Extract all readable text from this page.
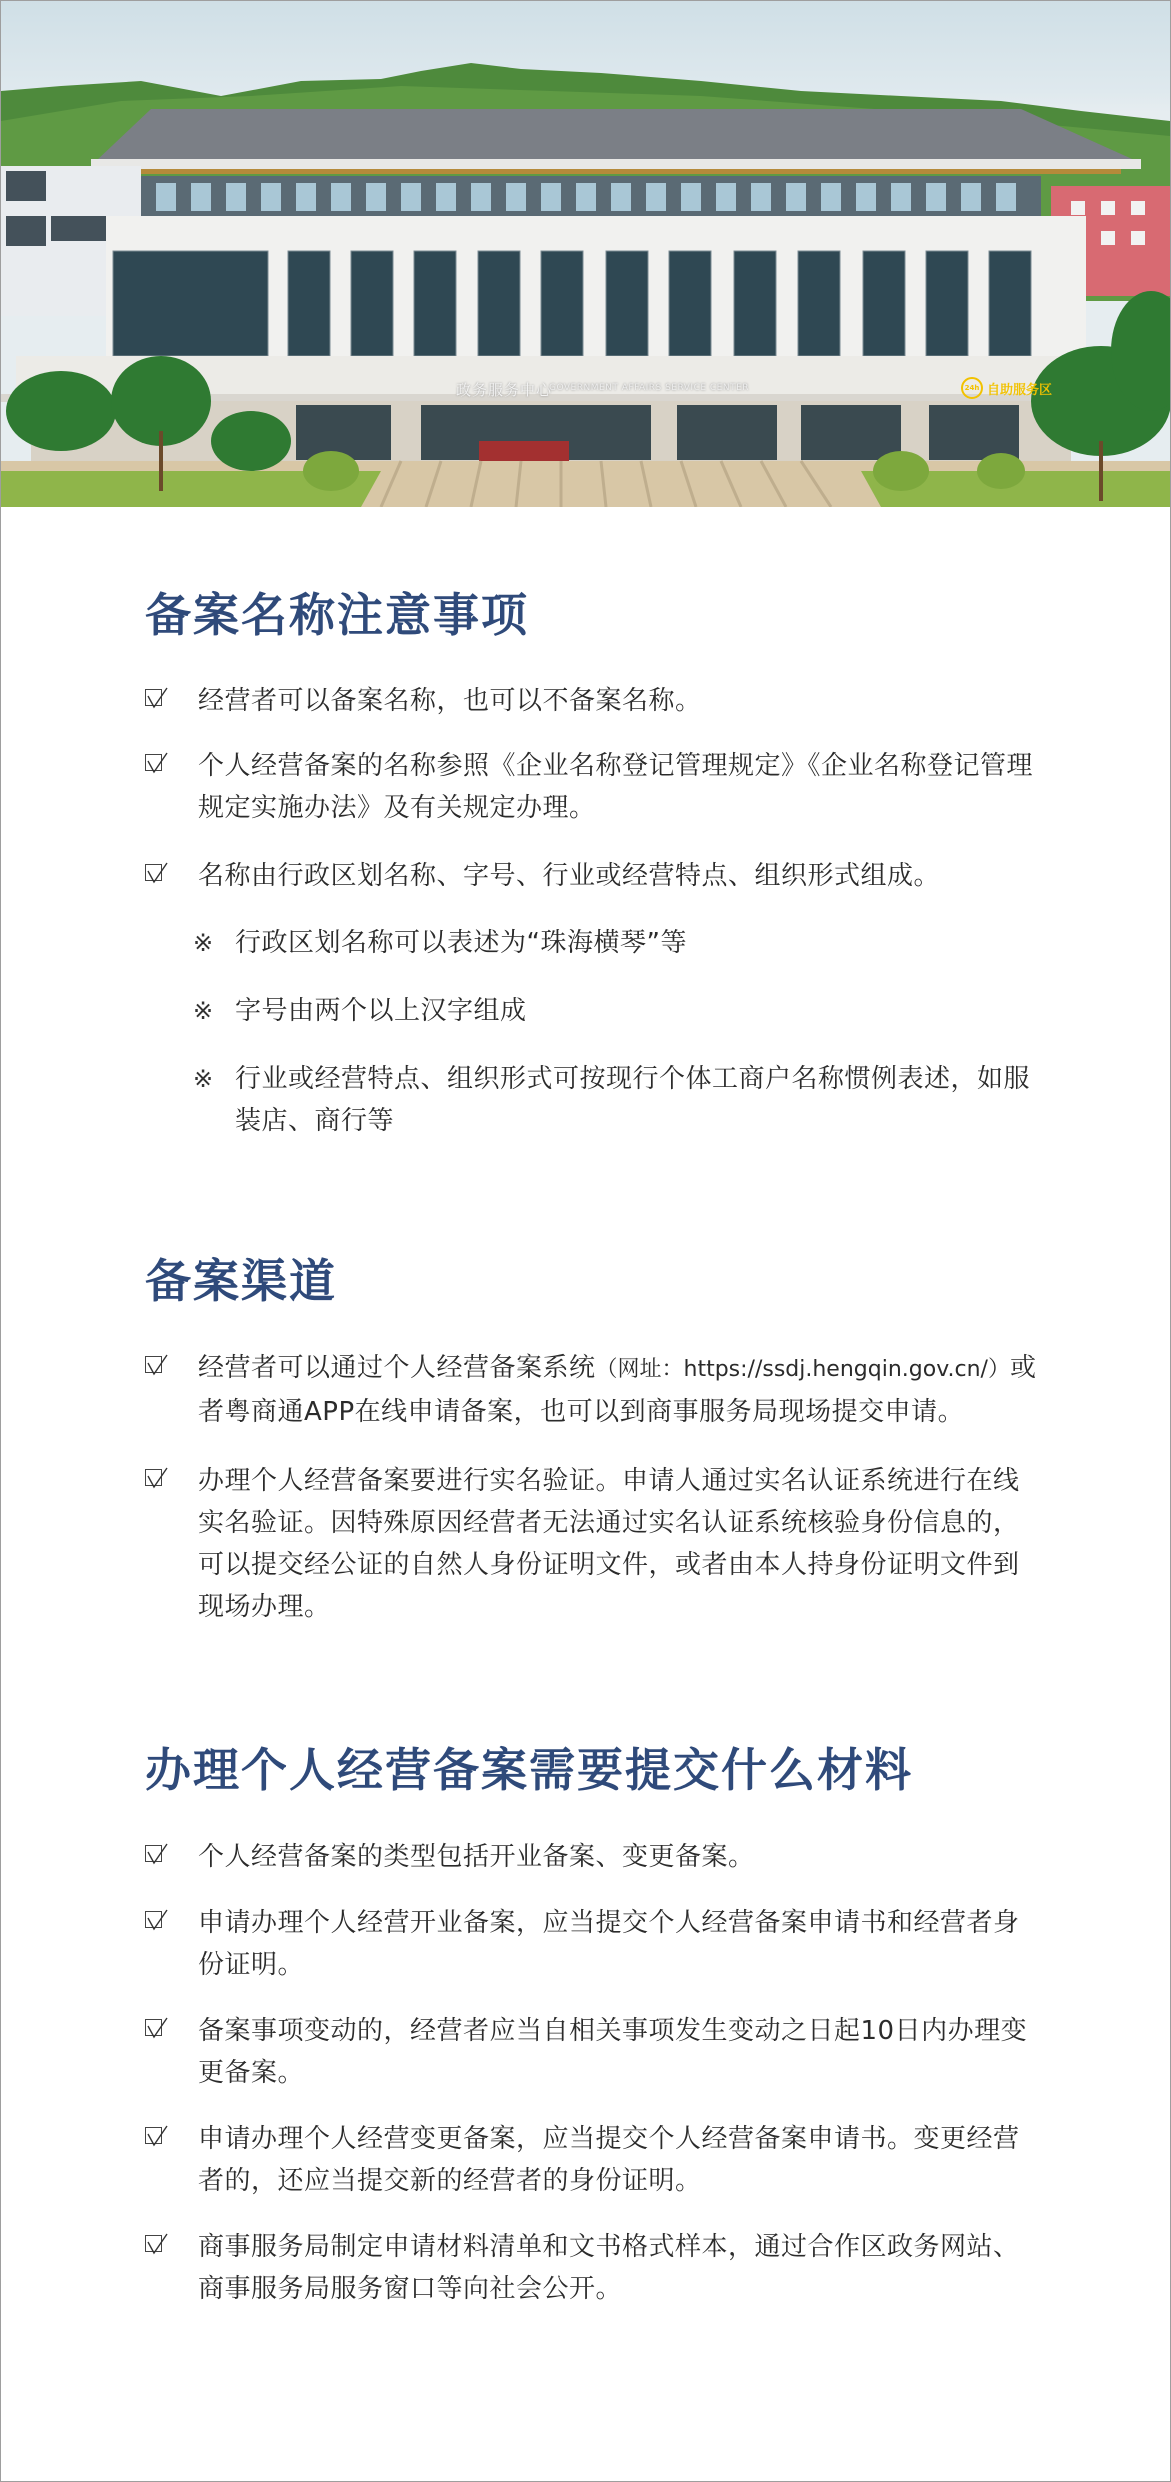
政务服务中心
GOVERNMENT AFFAIRS SERVICE CENTER	24h 自助服务区
备案名称注意事项
经营者可以备案名称，也可以不备案名称。
个人经营备案的名称参照《企业名称登记管理规定》《企业名称登记管理规定实施办法》及有关规定办理。
名称由行政区划名称、字号、行业或经营特点、组织形式组成。
※ 行政区划名称可以表述为“珠海横琴”等
※ 字号由两个以上汉字组成
※ 行业或经营特点、组织形式可按现行个体工商户名称惯例表述，如服装店、商行等
备案渠道
经营者可以通过个人经营备案系统（网址：https://ssdj.hengqin.gov.cn/）或者粤商通APP在线申请备案，也可以到商事服务局现场提交申请。
办理个人经营备案要进行实名验证。申请人通过实名认证系统进行在线实名验证。因特殊原因经营者无法通过实名认证系统核验身份信息的，可以提交经公证的自然人身份证明文件，或者由本人持身份证明文件到现场办理。
办理个人经营备案需要提交什么材料
个人经营备案的类型包括开业备案、变更备案。
申请办理个人经营开业备案，应当提交个人经营备案申请书和经营者身份证明。
备案事项变动的，经营者应当自相关事项发生变动之日起10日内办理变更备案。
申请办理个人经营变更备案，应当提交个人经营备案申请书。变更经营者的，还应当提交新的经营者的身份证明。
商事服务局制定申请材料清单和文书格式样本，通过合作区政务网站、商事服务局服务窗口等向社会公开。
